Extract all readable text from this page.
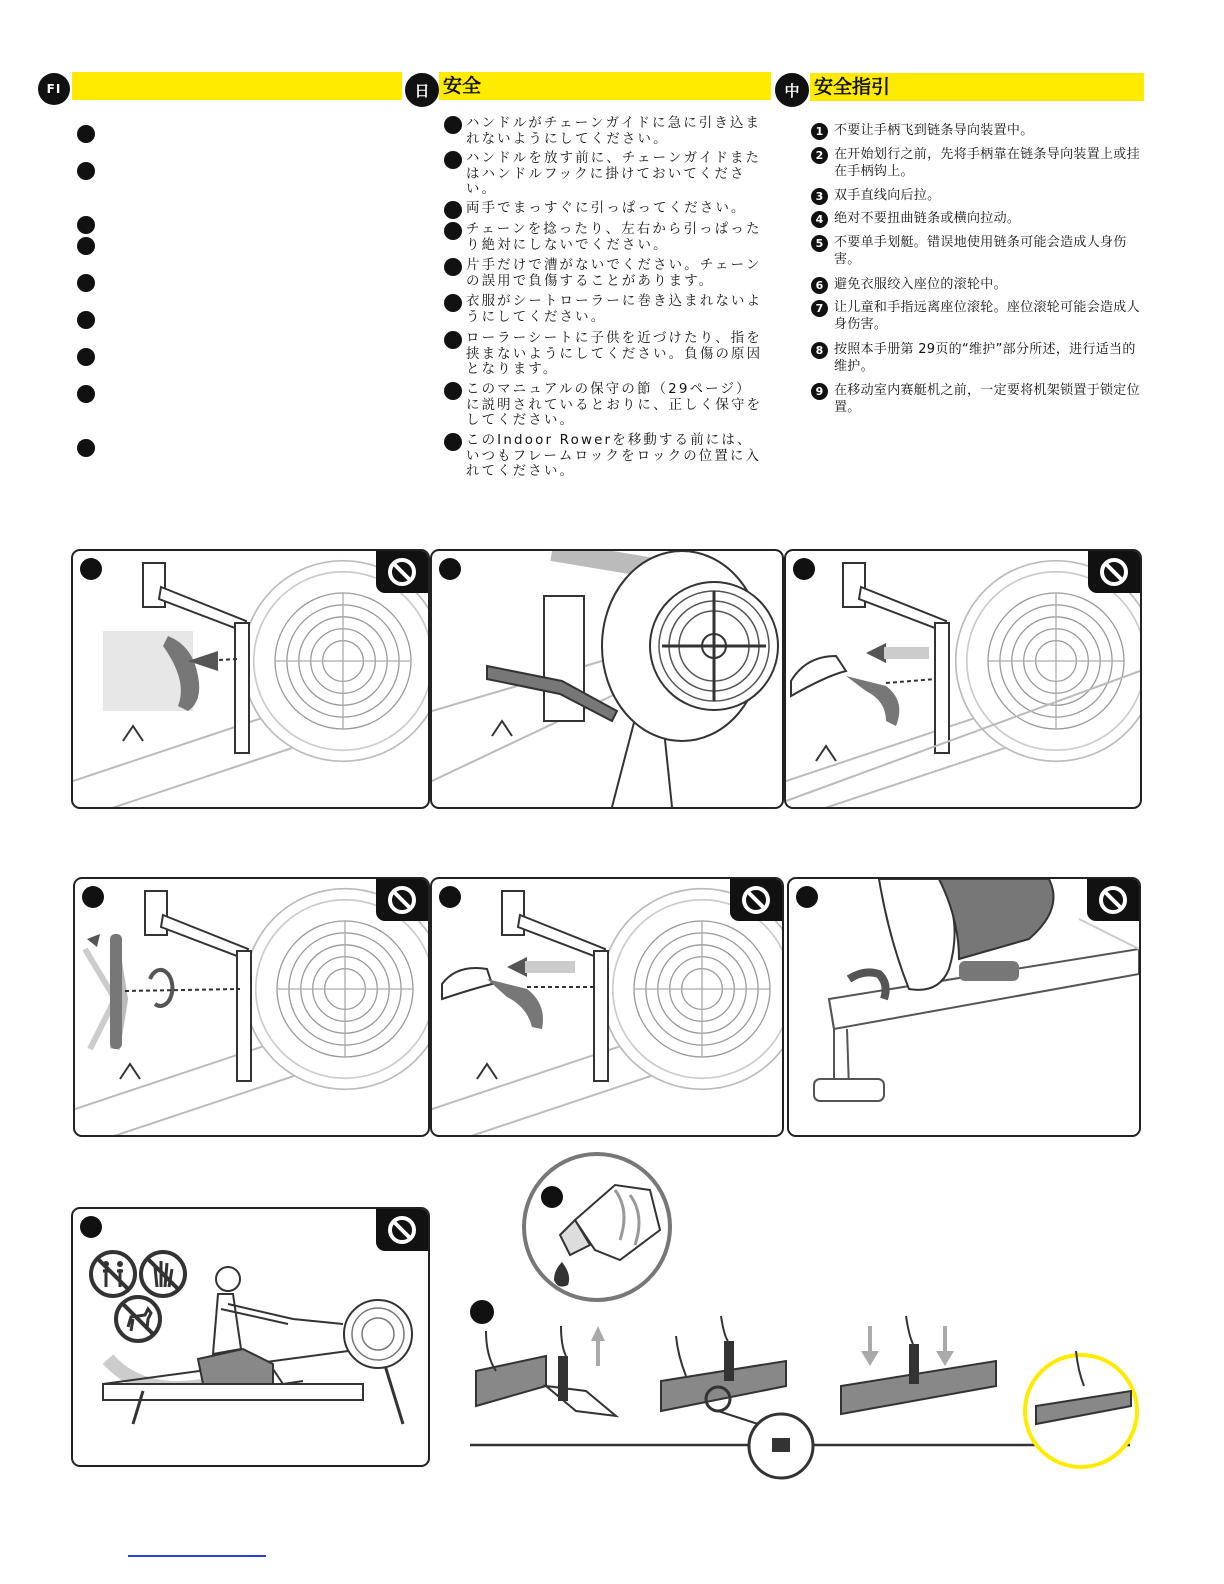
FI	日 安全	中 安全指引
ハンドルがチェーンガイドに急に引き込まれないようにしてください。
ハンドルを放す前に、チェーンガイドまたはハンドルフックに掛けておいてください。
両手でまっすぐに引っぱってください。
チェーンを捻ったり、左右から引っぱったり絶対にしないでください。
片手だけで漕がないでください。チェーンの誤用で負傷することがあります。
衣服がシートローラーに巻き込まれないようにしてください。
ローラーシートに子供を近づけたり、指を挟まないようにしてください。負傷の原因となります。
このマニュアルの保守の節（29ページ）に説明されているとおりに、正しく保守をしてください。
このIndoor Rowerを移動する前には、いつもフレームロックをロックの位置に入れてください。
1 不要让手柄飞到链条导向装置中。
2 在开始划行之前，先将手柄靠在链条导向装置上或挂在手柄钩上。
3 双手直线向后拉。
4 绝对不要扭曲链条或横向拉动。
5 不要单手划艇。错误地使用链条可能会造成人身伤害。
6 避免衣服绞入座位的滚轮中。
7 让儿童和手指远离座位滚轮。座位滚轮可能会造成人身伤害。
8 按照本手册第 29页的“维护”部分所述，进行适当的维护。
9 在移动室内赛艇机之前，一定要将机架锁置于锁定位置。
